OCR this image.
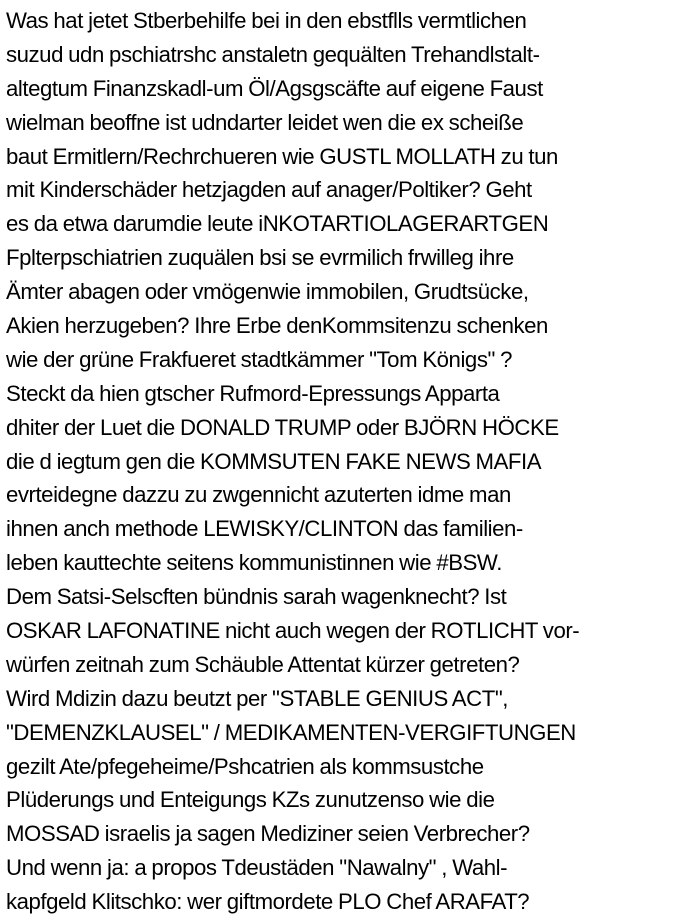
Was hat jetet Stberbehilfe bei in den ebstflls vermtlichen
suzud udn pschiatrshc anstaletn gequälten Trehandlstalt-
altegtum Finanzskadl-um Öl/Agsgscäfte auf eigene Faust
wielman beoffne ist udndarter leidet wen die ex scheiße
baut Ermitlern/Rechrchueren wie GUSTL MOLLATH zu tun
mit Kinderschäder hetzjagden auf anager/Poltiker? Geht
es da etwa darumdie leute iNKOTARTIOLAGERARTGEN
Fplterpschiatrien zuquälen bsi se evrmilich frwilleg ihre
Ämter abagen oder vmögenwie immobilen, Grudtsücke,
Akien herzugeben? Ihre Erbe denKommsitenzu schenken
wie der grüne Frakfueret stadtkämmer "Tom Königs" ?
Steckt da hien gtscher Rufmord-Epressungs Apparta
dhiter der Luet die DONALD TRUMP oder BJÖRN HÖCKE
die d iegtum gen die KOMMSUTEN FAKE NEWS MAFIA
evrteidegne dazzu zu zwgennicht azuterten idme man
ihnen anch methode LEWISKY/CLINTON das familien-
leben kauttechte seitens kommunistinnen wie #BSW.
Dem Satsi-Selscften bündnis sarah wagenknecht? Ist
OSKAR LAFONATINE nicht auch wegen der ROTLICHT vor-
würfen zeitnah zum Schäuble Attentat kürzer getreten?
Wird Mdizin dazu beutzt per "STABLE GENIUS ACT",
"DEMENZKLAUSEL" / MEDIKAMENTEN-VERGIFTUNGEN
gezilt Ate/pfegeheime/Pshcatrien als kommsustche
Plüderungs und Enteigungs KZs zunutzenso wie die
MOSSAD israelis ja sagen Mediziner seien Verbrecher?
Und wenn ja: a propos Tdeustäden "Nawalny" , Wahl-
kapfgeld Klitschko: wer giftmordete PLO Chef ARAFAT?
